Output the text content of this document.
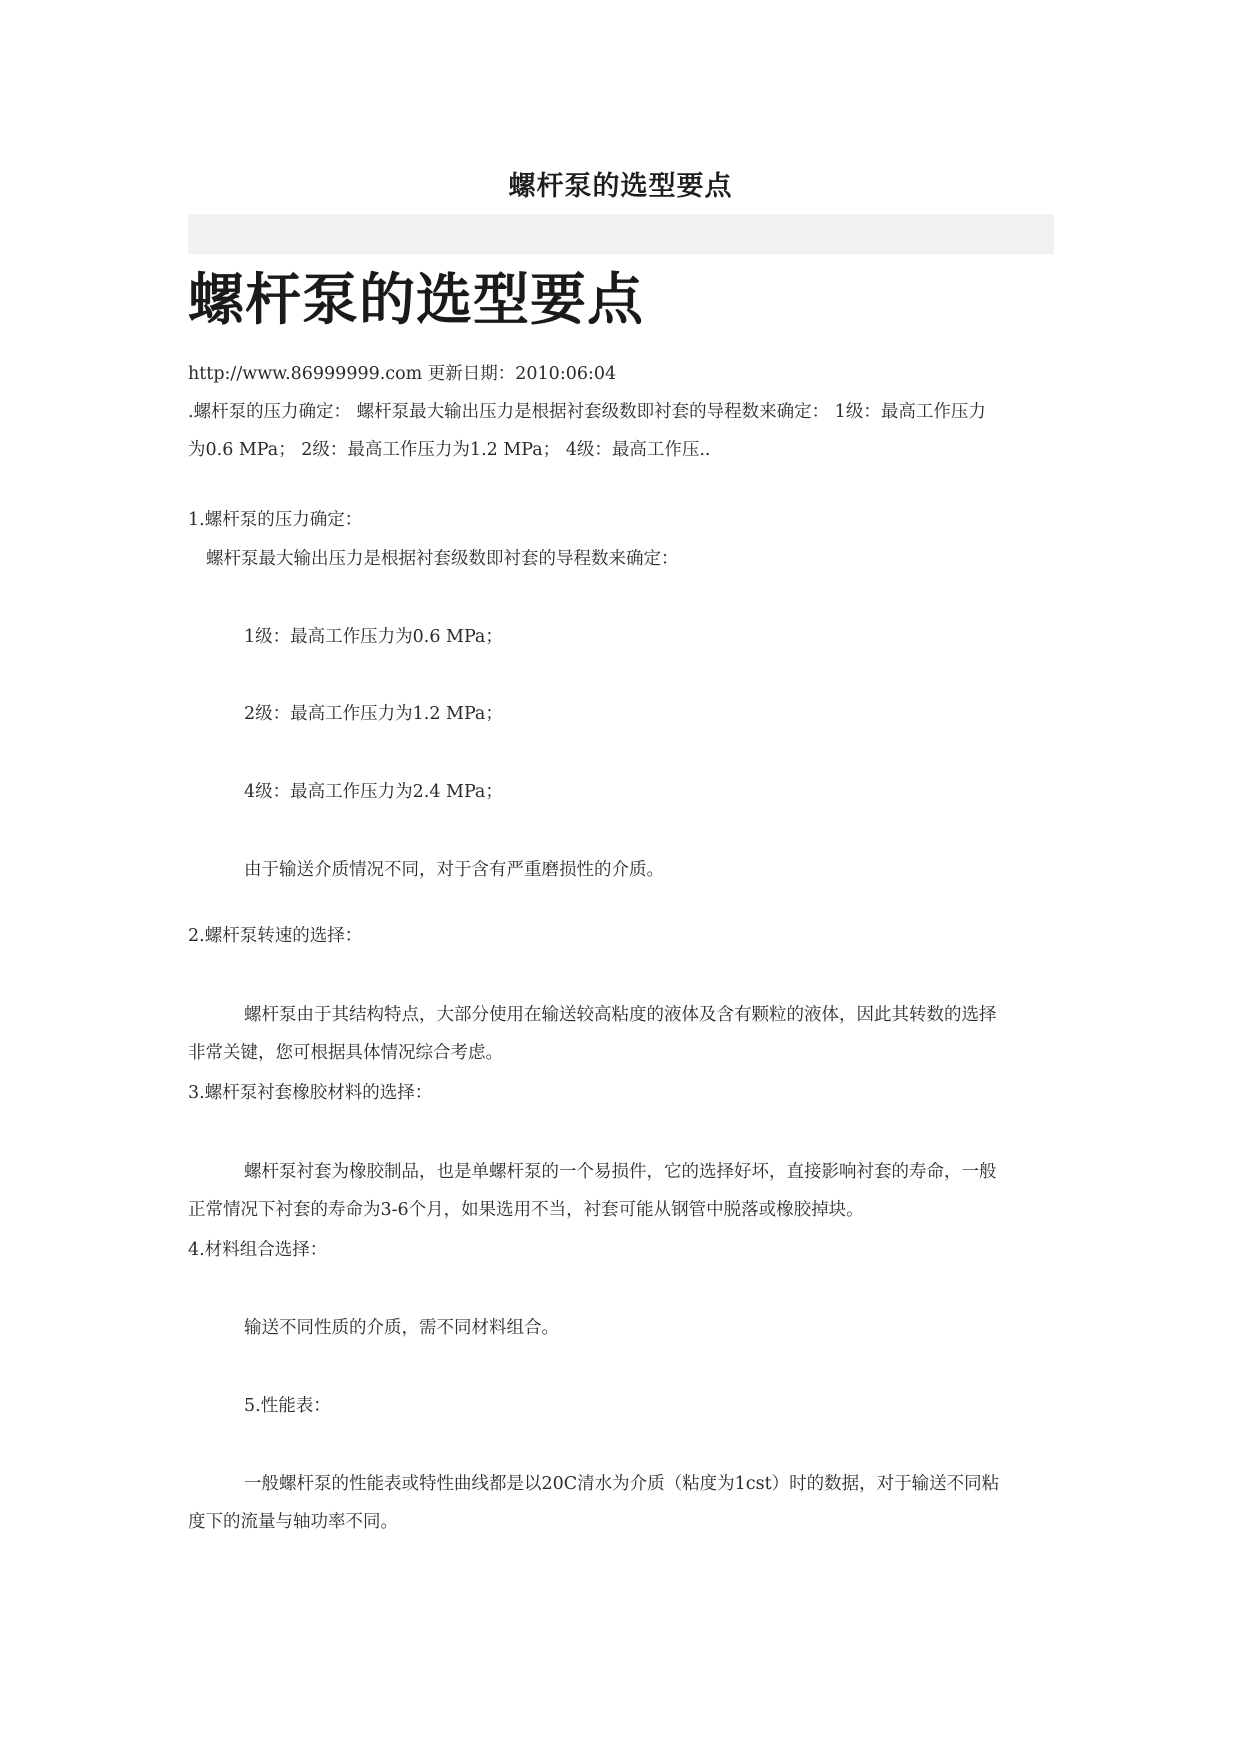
螺杆泵的选型要点
螺杆泵的选型要点
http://www.86999999.com 更新日期：2010:06:04
.螺杆泵的压力确定： 螺杆泵最大输出压力是根据衬套级数即衬套的导程数来确定： 1级：最高工作压力
为0.6 MPa； 2级：最高工作压力为1.2 MPa； 4级：最高工作压..
1.螺杆泵的压力确定：
螺杆泵最大输出压力是根据衬套级数即衬套的导程数来确定：
1级：最高工作压力为0.6 MPa；
2级：最高工作压力为1.2 MPa；
4级：最高工作压力为2.4 MPa；
由于输送介质情况不同，对于含有严重磨损性的介质。
2.螺杆泵转速的选择：
螺杆泵由于其结构特点，大部分使用在输送较高粘度的液体及含有颗粒的液体，因此其转数的选择
非常关键，您可根据具体情况综合考虑。
3.螺杆泵衬套橡胶材料的选择：
螺杆泵衬套为橡胶制品，也是单螺杆泵的一个易损件，它的选择好坏，直接影响衬套的寿命，一般
正常情况下衬套的寿命为3-6个月，如果选用不当，衬套可能从钢管中脱落或橡胶掉块。
4.材料组合选择：
输送不同性质的介质，需不同材料组合。
5.性能表：
一般螺杆泵的性能表或特性曲线都是以20C清水为介质（粘度为1cst）时的数据，对于输送不同粘
度下的流量与轴功率不同。
